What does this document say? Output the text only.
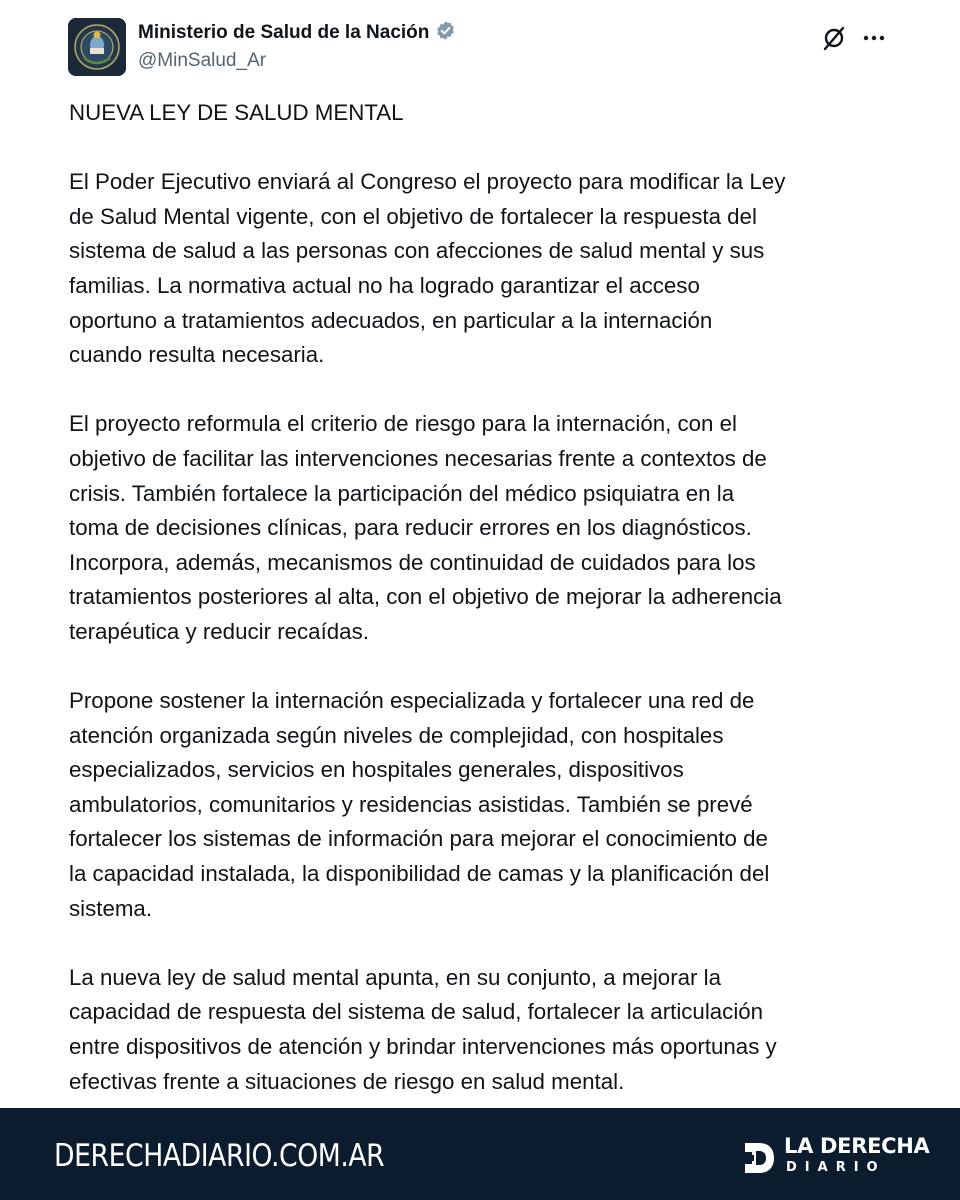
Ministerio de Salud de la Nación
@MinSalud_Ar

NUEVA LEY DE SALUD MENTAL

El Poder Ejecutivo enviará al Congreso el proyecto para modificar la Ley
de Salud Mental vigente, con el objetivo de fortalecer la respuesta del
sistema de salud a las personas con afecciones de salud mental y sus
familias. La normativa actual no ha logrado garantizar el acceso
oportuno a tratamientos adecuados, en particular a la internación
cuando resulta necesaria.

El proyecto reformula el criterio de riesgo para la internación, con el
objetivo de facilitar las intervenciones necesarias frente a contextos de
crisis. También fortalece la participación del médico psiquiatra en la
toma de decisiones clínicas, para reducir errores en los diagnósticos.
Incorpora, además, mecanismos de continuidad de cuidados para los
tratamientos posteriores al alta, con el objetivo de mejorar la adherencia
terapéutica y reducir recaídas.

Propone sostener la internación especializada y fortalecer una red de
atención organizada según niveles de complejidad, con hospitales
especializados, servicios en hospitales generales, dispositivos
ambulatorios, comunitarios y residencias asistidas. También se prevé
fortalecer los sistemas de información para mejorar el conocimiento de
la capacidad instalada, la disponibilidad de camas y la planificación del
sistema.

La nueva ley de salud mental apunta, en su conjunto, a mejorar la
capacidad de respuesta del sistema de salud, fortalecer la articulación
entre dispositivos de atención y brindar intervenciones más oportunas y
efectivas frente a situaciones de riesgo en salud mental.

DERECHADIARIO.COM.AR	LA DERECHA
DIARIO
